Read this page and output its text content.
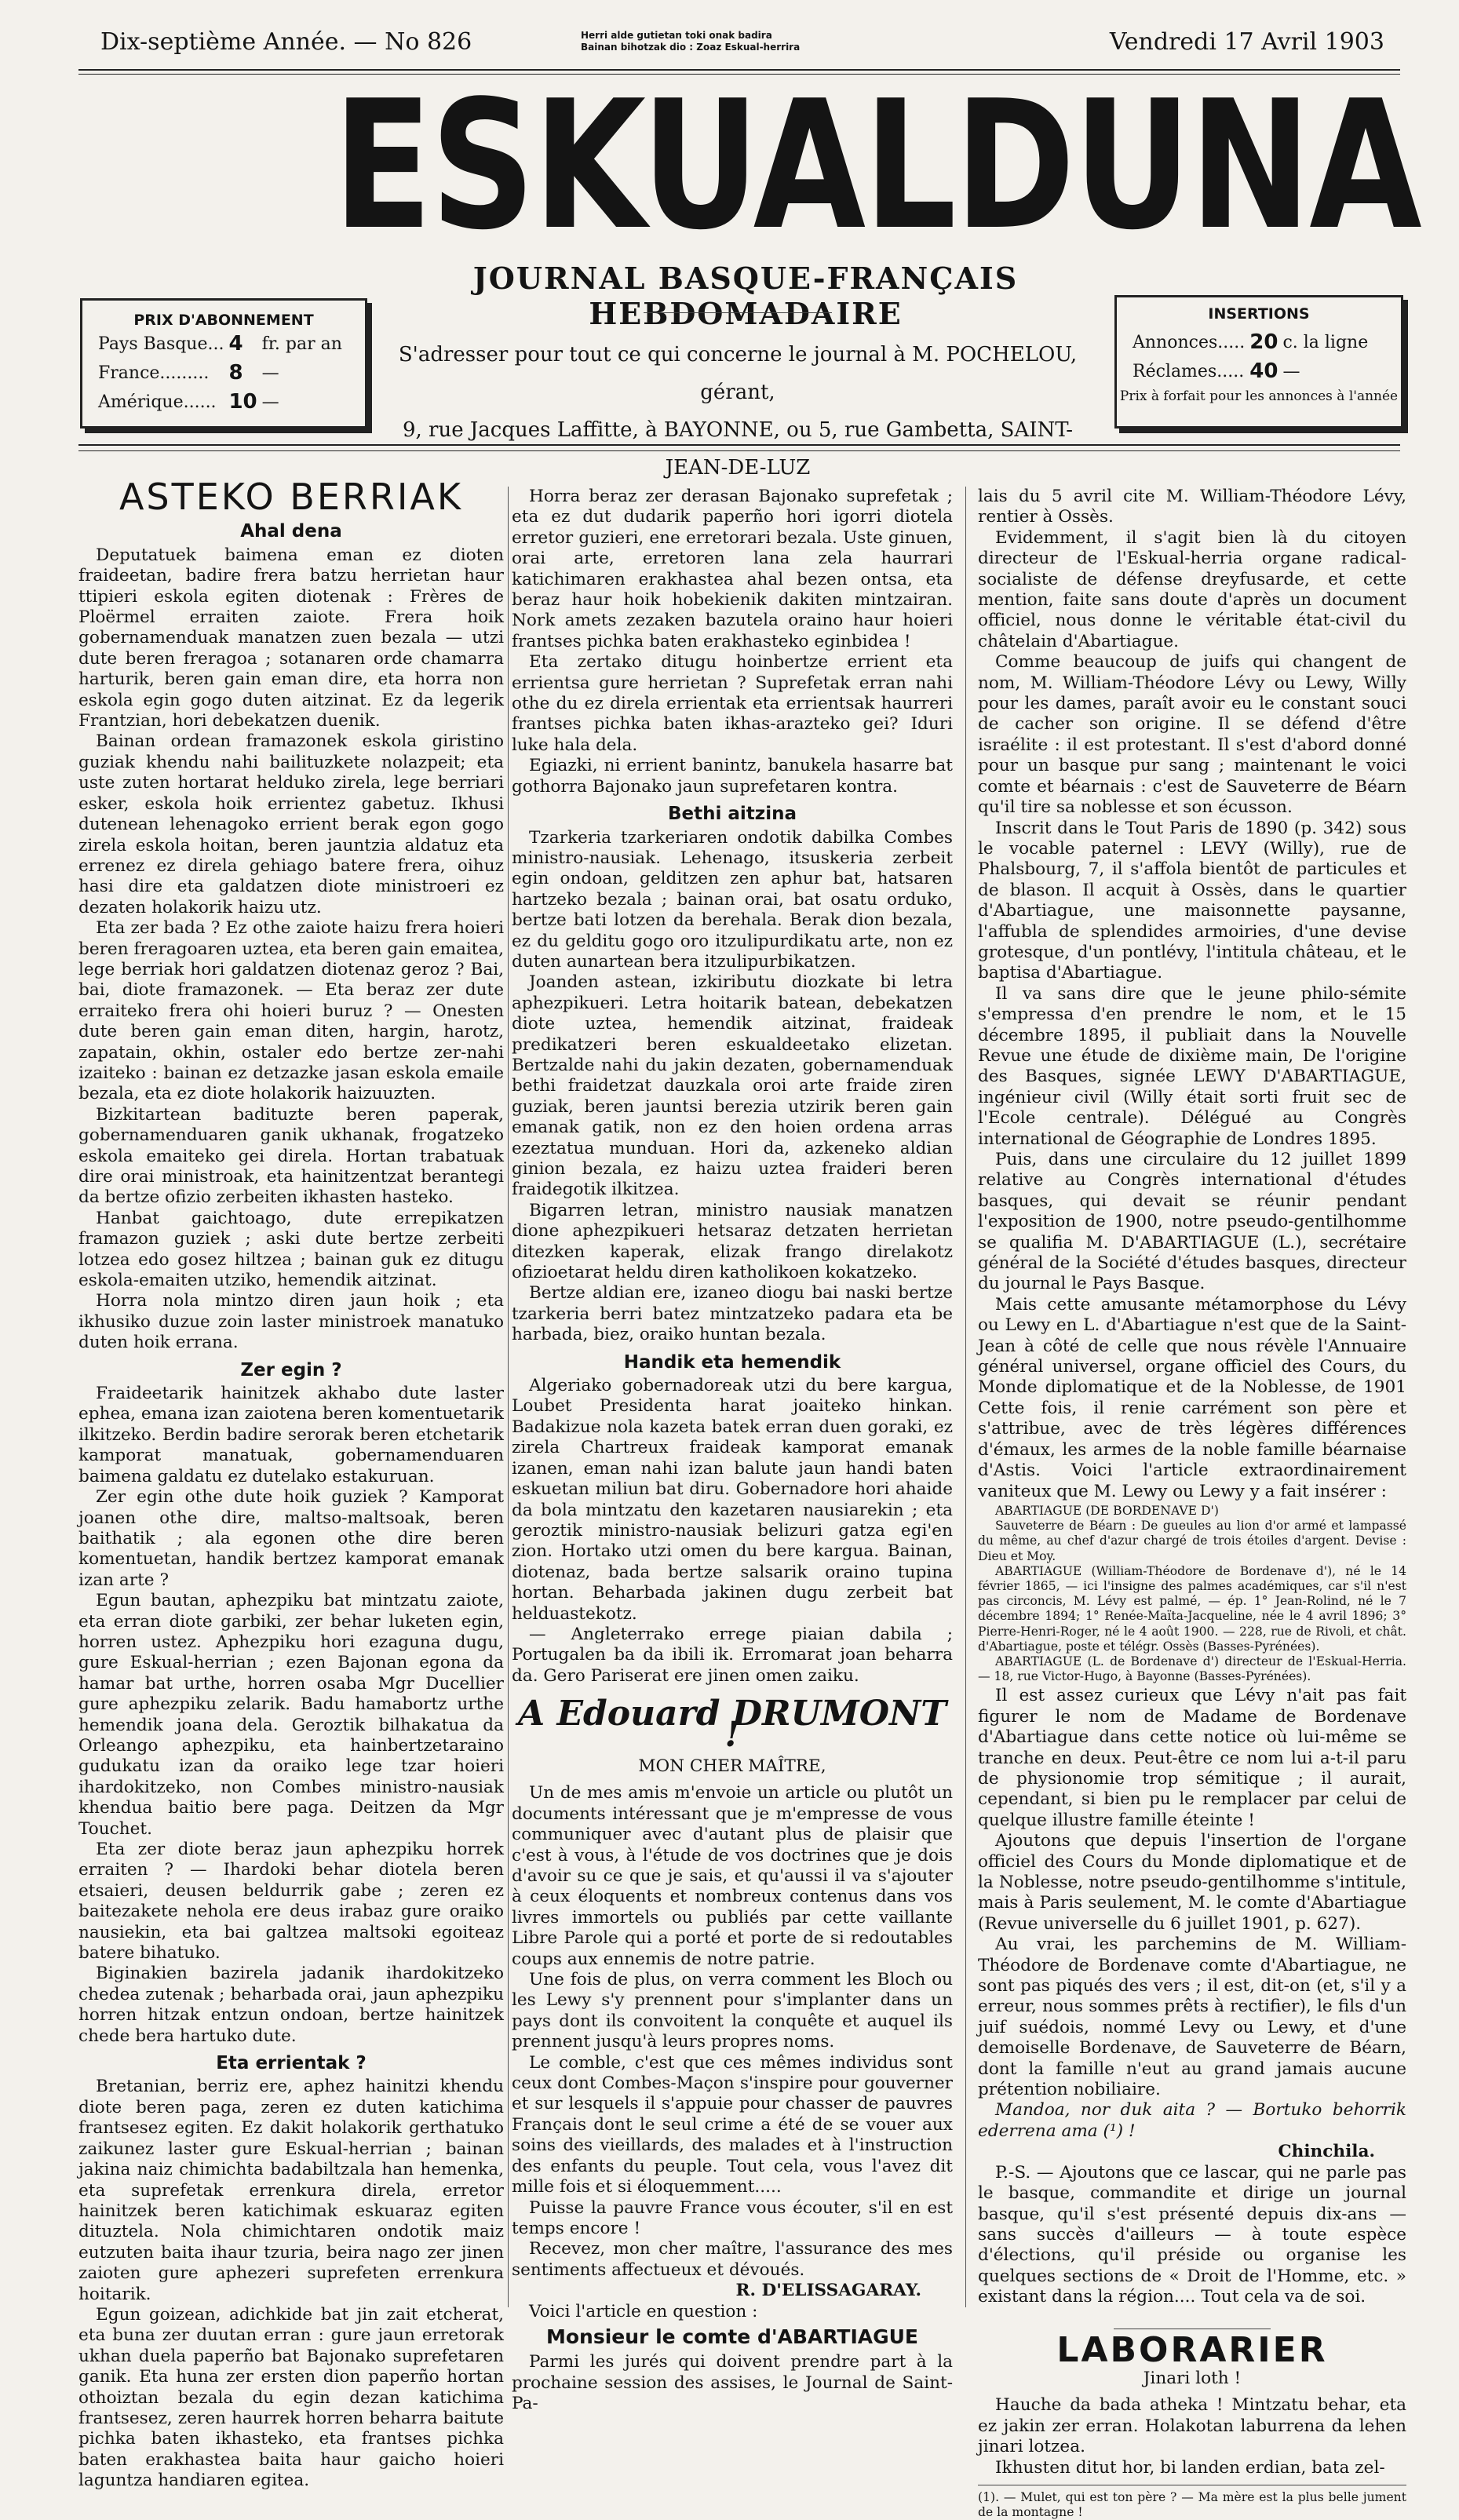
Dix-septième Année. — No 826	Herri alde gutietan toki onak badira
Bainan bihotzak dio : Zoaz Eskual-herrira	Vendredi 17 Avril 1903
ESKUALDUNA
JOURNAL BASQUE-FRANÇAIS HEBDOMADAIRE
PRIX D'ABONNEMENT
Pays Basque...	4	fr. par an
France.........	8	—
Amérique......	10	—
S'adresser pour tout ce qui concerne le journal à M. POCHELOU, gérant,
9, rue Jacques Laffitte, à BAYONNE, ou 5, rue Gambetta, SAINT-JEAN-DE-LUZ
INSERTIONS
Annonces.....	20	c. la ligne
Réclames.....	40	—
Prix à forfait pour les annonces à l'année
ASTEKO BERRIAK
Ahal dena

Deputatuek baimena eman ez dioten fraideetan, badire frera batzu herrietan haur ttipieri eskola egiten diotenak : Frères de Ploërmel erraiten zaiote. Frera hoik gobernamenduak manatzen zuen bezala — utzi dute beren freragoa ; sotanaren orde chamarra harturik, beren gain eman dire, eta horra non eskola egin gogo duten aitzinat. Ez da legerik Frantzian, hori debekatzen duenik.

Bainan ordean framazonek eskola giristino guziak khendu nahi bailituzkete nolazpeit; eta uste zuten hortarat helduko zirela, lege berriari esker, eskola hoik errientez gabetuz. Ikhusi dutenean lehenagoko errient berak egon gogo zirela eskola hoitan, beren jauntzia aldatuz eta errenez ez direla gehiago batere frera, oihuz hasi dire eta galdatzen diote ministroeri ez dezaten holakorik haizu utz.

Eta zer bada ? Ez othe zaiote haizu frera hoieri beren freragoaren uztea, eta beren gain emaitea, lege berriak hori galdatzen diotenaz geroz ? Bai, bai, diote framazonek. — Eta beraz zer dute erraiteko frera ohi hoieri buruz ? — Onesten dute beren gain eman diten, hargin, harotz, zapatain, okhin, ostaler edo bertze zer-nahi izaiteko : bainan ez detzazke jasan eskola emaile bezala, eta ez diote holakorik haizuuzten.

Bizkitartean badituzte beren paperak, gobernamenduaren ganik ukhanak, frogatzeko eskola emaiteko gei direla. Hortan trabatuak dire orai ministroak, eta hainitzentzat berantegi da bertze ofizio zerbeiten ikhasten hasteko.

Hanbat gaichtoago, dute errepikatzen framazon guziek ; aski dute bertze zerbeiti lotzea edo gosez hiltzea ; bainan guk ez ditugu eskola-emaiten utziko, hemendik aitzinat.

Horra nola mintzo diren jaun hoik ; eta ikhusiko duzue zoin laster ministroek manatuko duten hoik errana.

Zer egin ?

Fraideetarik hainitzek akhabo dute laster ephea, emana izan zaiotena beren komentuetarik ilkitzeko. Berdin badire serorak beren etchetarik kamporat manatuak, gobernamenduaren baimena galdatu ez dutelako estakuruan.

Zer egin othe dute hoik guziek ? Kamporat joanen othe dire, maltso-maltsoak, beren baithatik ; ala egonen othe dire beren komentuetan, handik bertzez kamporat emanak izan arte ?

Egun bautan, aphezpiku bat mintzatu zaiote, eta erran diote garbiki, zer behar luketen egin, horren ustez. Aphezpiku hori ezaguna dugu, gure Eskual-herrian ; ezen Bajonan egona da hamar bat urthe, horren osaba Mgr Ducellier gure aphezpiku zelarik. Badu hamabortz urthe hemendik joana dela. Geroztik bilhakatua da Orleango aphezpiku, eta hainbertzetaraino gudukatu izan da oraiko lege tzar hoieri ihardokitzeko, non Combes ministro-nausiak khendua baitio bere paga. Deitzen da Mgr Touchet.

Eta zer diote beraz jaun aphezpiku horrek erraiten ? — Ihardoki behar diotela beren etsaieri, deusen beldurrik gabe ; zeren ez baitezakete nehola ere deus irabaz gure oraiko nausiekin, eta bai galtzea maltsoki egoiteaz batere bihatuko.

Biginakien bazirela jadanik ihardokitzeko chedea zutenak ; beharbada orai, jaun aphezpiku horren hitzak entzun ondoan, bertze hainitzek chede bera hartuko dute.

Eta errientak ?

Bretanian, berriz ere, aphez hainitzi khendu diote beren paga, zeren ez duten katichima frantsesez egiten. Ez dakit holakorik gerthatuko zaikunez laster gure Eskual-herrian ; bainan jakina naiz chimichta badabiltzala han hemenka, eta suprefetak errenkura direla, erretor hainitzek beren katichimak eskuaraz egiten dituztela. Nola chimichtaren ondotik maiz eutzuten baita ihaur tzuria, beira nago zer jinen zaioten gure aphezeri suprefeten errenkura hoitarik.

Egun goizean, adichkide bat jin zait etcherat, eta buna zer duutan erran : gure jaun erretorak ukhan duela paperño bat Bajonako suprefetaren ganik. Eta huna zer ersten dion paperño hortan othoiztan bezala du egin dezan katichima frantsesez, zeren haurrek horren beharra baitute pichka baten ikhasteko, eta frantses pichka baten erakhastea baita haur gaicho hoieri laguntza handiaren egitea.

Horra beraz zer derasan Bajonako suprefetak ; eta ez dut dudarik paperño hori igorri diotela erretor guzieri, ene erretorari bezala. Uste ginuen, orai arte, erretoren lana zela haurrari katichimaren erakhastea ahal bezen ontsa, eta beraz haur hoik hobekienik dakiten mintzairan. Nork amets zezaken bazutela oraino haur hoieri frantses pichka baten erakhasteko eginbidea !

Eta zertako ditugu hoinbertze errient eta errientsa gure herrietan ? Suprefetak erran nahi othe du ez direla errientak eta errientsak haurreri frantses pichka baten ikhas-arazteko gei? Iduri luke hala dela.

Egiazki, ni errient banintz, banukela hasarre bat gothorra Bajonako jaun suprefetaren kontra.

Bethi aitzina

Tzarkeria tzarkeriaren ondotik dabilka Combes ministro-nausiak. Lehenago, itsuskeria zerbeit egin ondoan, gelditzen zen aphur bat, hatsaren hartzeko bezala ; bainan orai, bat osatu orduko, bertze bati lotzen da berehala. Berak dion bezala, ez du gelditu gogo oro itzulipurdikatu arte, non ez duten aunartean bera itzulipurbikatzen.

Joanden astean, izkiributu diozkate bi letra aphezpikueri. Letra hoitarik batean, debekatzen diote uztea, hemendik aitzinat, fraideak predikatzeri beren eskualdeetako elizetan. Bertzalde nahi du jakin dezaten, gobernamenduak bethi fraidetzat dauzkala oroi arte fraide ziren guziak, beren jauntsi berezia utzirik beren gain emanak gatik, non ez den hoien ordena arras ezeztatua munduan. Hori da, azkeneko aldian ginion bezala, ez haizu uztea fraideri beren fraidegotik ilkitzea.

Bigarren letran, ministro nausiak manatzen dione aphezpikueri hetsaraz detzaten herrietan ditezken kaperak, elizak frango direlakotz ofizioetarat heldu diren katholikoen kokatzeko.

Bertze aldian ere, izaneo diogu bai naski bertze tzarkeria berri batez mintzatzeko padara eta be harbada, biez, oraiko huntan bezala.

Handik eta hemendik

Algeriako gobernadoreak utzi du bere kargua, Loubet Presidenta harat joaiteko hinkan. Badakizue nola kazeta batek erran duen goraki, ez zirela Chartreux fraideak kamporat emanak izanen, eman nahi izan balute jaun handi baten eskuetan miliun bat diru. Gobernadore hori ahaide da bola mintzatu den kazetaren nausiarekin ; eta geroztik ministro-nausiak belizuri gatza egi'en zion. Hortako utzi omen du bere kargua. Bainan, diotenaz, bada bertze salsarik oraino tupina hortan. Beharbada jakinen dugu zerbeit bat helduastekotz.

— Angleterrako errege piaian dabila ; Portugalen ba da ibili ik. Erromarat joan beharra da. Gero Pariserat ere jinen omen zaiku.

A Edouard DRUMONT !
MON CHER MAÎTRE,

Un de mes amis m'envoie un article ou plutôt un documents intéressant que je m'empresse de vous communiquer avec d'autant plus de plaisir que c'est à vous, à l'étude de vos doctrines que je dois d'avoir su ce que je sais, et qu'aussi il va s'ajouter à ceux éloquents et nombreux contenus dans vos livres immortels ou publiés par cette vaillante Libre Parole qui a porté et porte de si redoutables coups aux ennemis de notre patrie.

Une fois de plus, on verra comment les Bloch ou les Lewy s'y prennent pour s'implanter dans un pays dont ils convoitent la conquête et auquel ils prennent jusqu'à leurs propres noms.

Le comble, c'est que ces mêmes individus sont ceux dont Combes-Maçon s'inspire pour gouverner et sur lesquels il s'appuie pour chasser de pauvres Français dont le seul crime a été de se vouer aux soins des vieillards, des malades et à l'instruction des enfants du peuple. Tout cela, vous l'avez dit mille fois et si éloquemment.....

Puisse la pauvre France vous écouter, s'il en est temps encore !

Recevez, mon cher maître, l'assurance des mes sentiments affectueux et dévoués.

R. D'ELISSAGARAY.

Voici l'article en question :

Monsieur le comte d'ABARTIAGUE

Parmi les jurés qui doivent prendre part à la prochaine session des assises, le Journal de Saint-Pa-

lais du 5 avril cite M. William-Théodore Lévy, rentier à Ossès.

Evidemment, il s'agit bien là du citoyen directeur de l'Eskual-herria organe radical-socialiste de défense dreyfusarde, et cette mention, faite sans doute d'après un document officiel, nous donne le véritable état-civil du châtelain d'Abartiague.

Comme beaucoup de juifs qui changent de nom, M. William-Théodore Lévy ou Lewy, Willy pour les dames, paraît avoir eu le constant souci de cacher son origine. Il se défend d'être israélite : il est protestant. Il s'est d'abord donné pour un basque pur sang ; maintenant le voici comte et béarnais : c'est de Sauveterre de Béarn qu'il tire sa noblesse et son écusson.

Inscrit dans le Tout Paris de 1890 (p. 342) sous le vocable paternel : LEVY (Willy), rue de Phalsbourg, 7, il s'affola bientôt de particules et de blason. Il acquit à Ossès, dans le quartier d'Abartiague, une maisonnette paysanne, l'affubla de splendides armoiries, d'une devise grotesque, d'un pontlévy, l'intitula château, et le baptisa d'Abartiague.

Il va sans dire que le jeune philo-sémite s'empressa d'en prendre le nom, et le 15 décembre 1895, il publiait dans la Nouvelle Revue une étude de dixième main, De l'origine des Basques, signée LEWY D'ABARTIAGUE, ingénieur civil (Willy était sorti fruit sec de l'Ecole centrale). Délégué au Congrès international de Géographie de Londres 1895.

Puis, dans une circulaire du 12 juillet 1899 relative au Congrès international d'études basques, qui devait se réunir pendant l'exposition de 1900, notre pseudo-gentilhomme se qualifia M. D'ABARTIAGUE (L.), secrétaire général de la Société d'études basques, directeur du journal le Pays Basque.

Mais cette amusante métamorphose du Lévy ou Lewy en L. d'Abartiague n'est que de la Saint-Jean à côté de celle que nous révèle l'Annuaire général universel, organe officiel des Cours, du Monde diplomatique et de la Noblesse, de 1901 Cette fois, il renie carrément son père et s'attribue, avec de très légères différences d'émaux, les armes de la noble famille béarnaise d'Astis. Voici l'article extraordinairement vaniteux que M. Lewy ou Lewy y a fait insérer :

ABARTIAGUE (DE BORDENAVE D')

Sauveterre de Béarn : De gueules au lion d'or armé et lampassé du même, au chef d'azur chargé de trois étoiles d'argent. Devise : Dieu et Moy.

ABARTIAGUE (William-Théodore de Bordenave d'), né le 14 février 1865, — ici l'insigne des palmes académiques, car s'il n'est pas circoncis, M. Lévy est palmé, — ép. 1° Jean-Rolind, né le 7 décembre 1894; 1° Renée-Maïta-Jacqueline, née le 4 avril 1896; 3° Pierre-Henri-Roger, né le 4 août 1900. — 228, rue de Rivoli, et chât. d'Abartiague, poste et télégr. Ossès (Basses-Pyrénées).

ABARTIAGUE (L. de Bordenave d') directeur de l'Eskual-Herria. — 18, rue Victor-Hugo, à Bayonne (Basses-Pyrénées).

Il est assez curieux que Lévy n'ait pas fait figurer le nom de Madame de Bordenave d'Abartiague dans cette notice où lui-même se tranche en deux. Peut-être ce nom lui a-t-il paru de physionomie trop sémitique ; il aurait, cependant, si bien pu le remplacer par celui de quelque illustre famille éteinte !

Ajoutons que depuis l'insertion de l'organe officiel des Cours du Monde diplomatique et de la Noblesse, notre pseudo-gentilhomme s'intitule, mais à Paris seulement, M. le comte d'Abartiague (Revue universelle du 6 juillet 1901, p. 627).

Au vrai, les parchemins de M. William-Théodore de Bordenave comte d'Abartiague, ne sont pas piqués des vers ; il est, dit-on (et, s'il y a erreur, nous sommes prêts à rectifier), le fils d'un juif suédois, nommé Levy ou Lewy, et d'une demoiselle Bordenave, de Sauveterre de Béarn, dont la famille n'eut au grand jamais aucune prétention nobiliaire.

Mandoa, nor duk aita ? — Bortuko behorrik ederrena ama (¹) !

Chinchila.

P.-S. — Ajoutons que ce lascar, qui ne parle pas le basque, commandite et dirige un journal basque, qu'il s'est présenté depuis dix-ans — sans succès d'ailleurs — à toute espèce d'élections, qu'il préside ou organise les quelques sections de « Droit de l'Homme, etc. » existant dans la région.... Tout cela va de soi.

LABORARIER
Jinari loth !

Hauche da bada atheka ! Mintzatu behar, eta ez jakin zer erran. Holakotan laburrena da lehen jinari lotzea.

Ikhusten ditut hor, bi landen erdian, bata zel-

(1). — Mulet, qui est ton père ? — Ma mère est la plus belle jument de la montagne !
